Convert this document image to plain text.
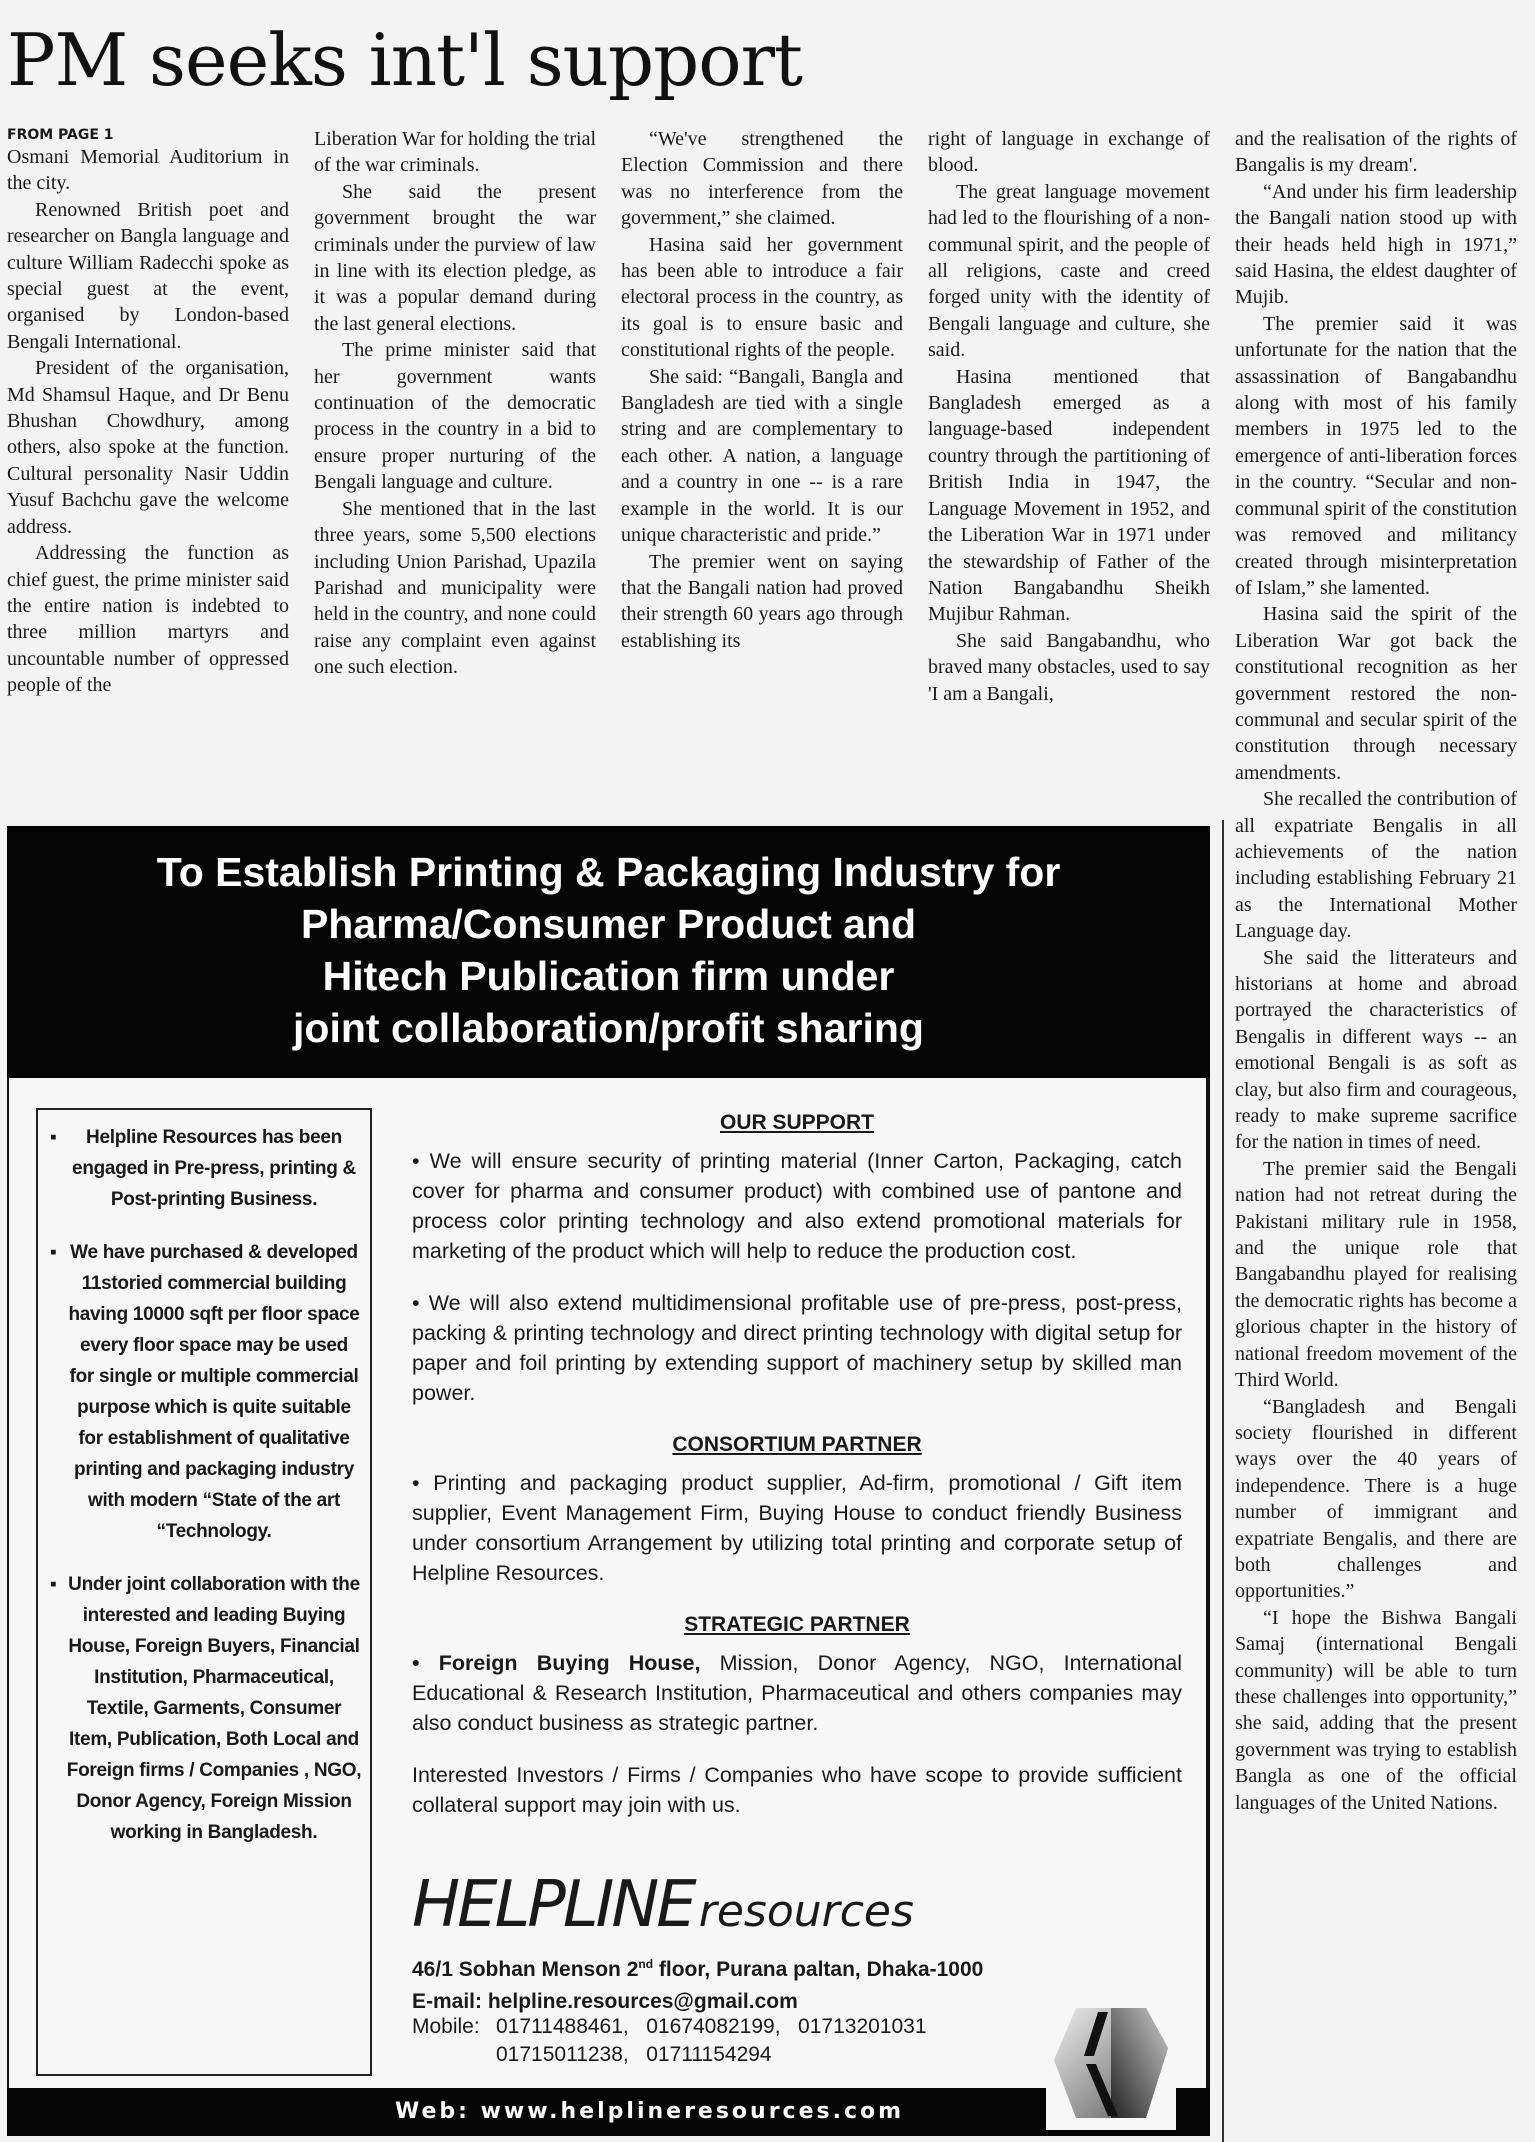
PM seeks int'l support
FROM PAGE 1

Osmani Memorial Auditorium in the city.

Renowned British poet and researcher on Bangla language and culture William Radecchi spoke as special guest at the event, organised by London-based Bengali International.

President of the organisation, Md Shamsul Haque, and Dr Benu Bhushan Chowdhury, among others, also spoke at the function. Cultural personality Nasir Uddin Yusuf Bachchu gave the welcome address.

Addressing the function as chief guest, the prime minister said the entire nation is indebted to three million martyrs and uncountable number of oppressed people of the

Liberation War for holding the trial of the war criminals.

She said the present government brought the war criminals under the purview of law in line with its election pledge, as it was a popular demand during the last general elections.

The prime minister said that her government wants continuation of the democratic process in the country in a bid to ensure proper nurturing of the Bengali language and culture.

She mentioned that in the last three years, some 5,500 elections including Union Parishad, Upazila Parishad and municipality were held in the country, and none could raise any complaint even against one such election.

“We've strengthened the Election Commission and there was no interference from the government,” she claimed.

Hasina said her government has been able to introduce a fair electoral process in the country, as its goal is to ensure basic and constitutional rights of the people.

She said: “Bangali, Bangla and Bangladesh are tied with a single string and are complementary to each other. A nation, a language and a country in one -- is a rare example in the world. It is our unique characteristic and pride.”

The premier went on saying that the Bangali nation had proved their strength 60 years ago through establishing its

right of language in exchange of blood.

The great language movement had led to the flourishing of a non-communal spirit, and the people of all religions, caste and creed forged unity with the identity of Bengali language and culture, she said.

Hasina mentioned that Bangladesh emerged as a language-based independent country through the partitioning of British India in 1947, the Language Movement in 1952, and the Liberation War in 1971 under the stewardship of Father of the Nation Bangabandhu Sheikh Mujibur Rahman.

She said Bangabandhu, who braved many obstacles, used to say 'I am a Bangali,

and the realisation of the rights of Bangalis is my dream'.

“And under his firm leadership the Bangali nation stood up with their heads held high in 1971,” said Hasina, the eldest daughter of Mujib.

The premier said it was unfortunate for the nation that the assassination of Bangabandhu along with most of his family members in 1975 led to the emergence of anti-liberation forces in the country. “Secular and non-communal spirit of the constitution was removed and militancy created through misinterpretation of Islam,” she lamented.

Hasina said the spirit of the Liberation War got back the constitutional recognition as her government restored the non-communal and secular spirit of the constitution through necessary amendments.

She recalled the contribution of all expatriate Bengalis in all achievements of the nation including establishing February 21 as the International Mother Language day.

She said the litterateurs and historians at home and abroad portrayed the characteristics of Bengalis in different ways -- an emotional Bengali is as soft as clay, but also firm and courageous, ready to make supreme sacrifice for the nation in times of need.

The premier said the Bengali nation had not retreat during the Pakistani military rule in 1958, and the unique role that Bangabandhu played for realising the democratic rights has become a glorious chapter in the history of national freedom movement of the Third World.

“Bangladesh and Bengali society flourished in different ways over the 40 years of independence. There is a huge number of immigrant and expatriate Bengalis, and there are both challenges and opportunities.”

“I hope the Bishwa Bangali Samaj (international Bengali community) will be able to turn these challenges into opportunity,” she said, adding that the present government was trying to establish Bangla as one of the official languages of the United Nations.

To Establish Printing & Packaging Industry for
Pharma/Consumer Product and
Hitech Publication firm under
joint collaboration/profit sharing
▪ Helpline Resources has been engaged in Pre-press, printing & Post-printing Business.
▪ We have purchased & developed 11storied commercial building having 10000 sqft per floor space every floor space may be used for single or multiple commercial purpose which is quite suitable for establishment of qualitative printing and packaging industry with modern “State of the art “Technology.
▪ Under joint collaboration with the interested and leading Buying House, Foreign Buyers, Financial Institution, Pharmaceutical, Textile, Garments, Consumer Item, Publication, Both Local and Foreign firms / Companies , NGO, Donor Agency, Foreign Mission working in Bangladesh.
OUR SUPPORT

• We will ensure security of printing material (Inner Carton, Packaging, catch cover for pharma and consumer product) with combined use of pantone and process color printing technology and also extend promotional materials for marketing of the product which will help to reduce the production cost.

• We will also extend multidimensional profitable use of pre-press, post-press, packing & printing technology and direct printing technology with digital setup for paper and foil printing by extending support of machinery setup by skilled man power.

CONSORTIUM PARTNER

• Printing and packaging product supplier, Ad-firm, promotional / Gift item supplier, Event Management Firm, Buying House to conduct friendly Business under consortium Arrangement by utilizing total printing and corporate setup of Helpline Resources.

STRATEGIC PARTNER

• Foreign Buying House, Mission, Donor Agency, NGO, International Educational & Research Institution, Pharmaceutical and others companies may also conduct business as strategic partner.

Interested Investors / Firms / Companies who have scope to provide sufficient collateral support may join with us.

HELPLINE resources
46/1 Sobhan Menson 2nd floor, Purana paltan, Dhaka-1000
E-mail: helpline.resources@gmail.com
Mobile: 01711488461,   01674082199,   01713201031
01715011238,   01711154294
Web: www.helplineresources.com
